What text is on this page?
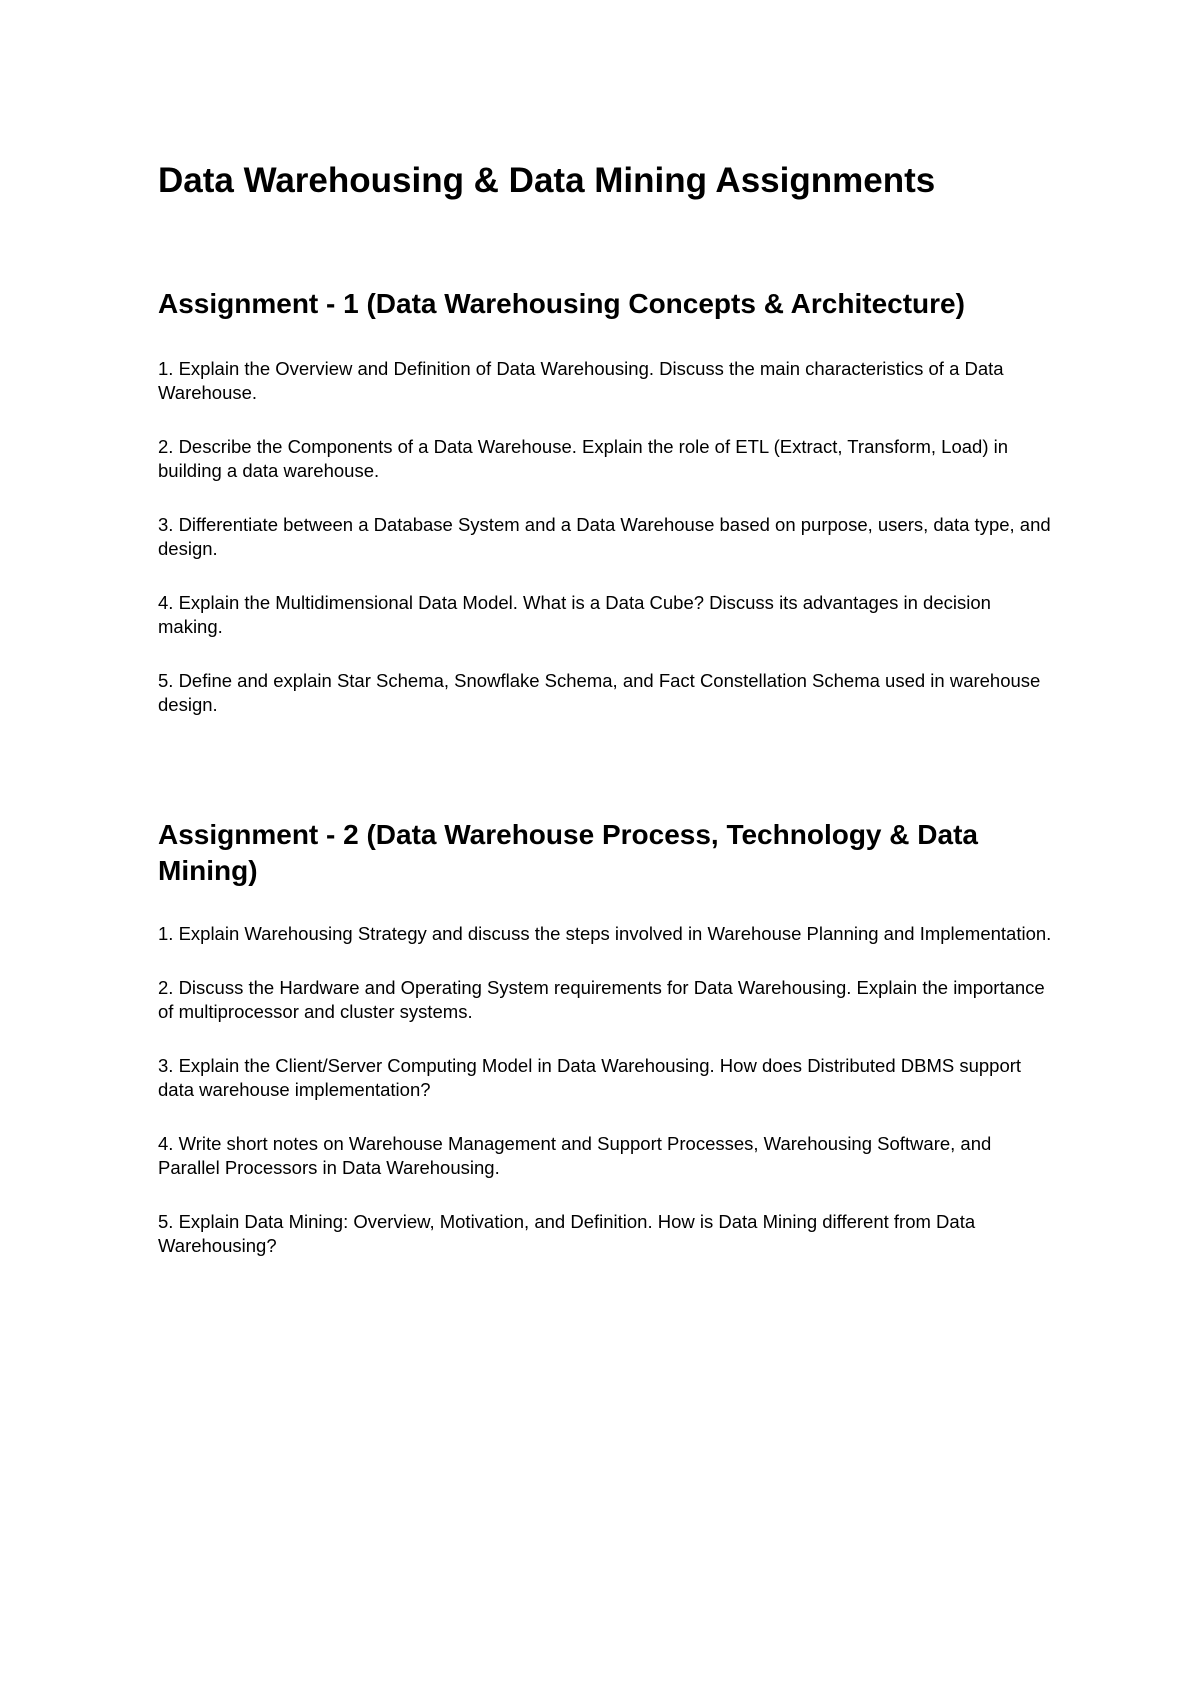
Data Warehousing & Data Mining Assignments
Assignment - 1 (Data Warehousing Concepts & Architecture)
1. Explain the Overview and Definition of Data Warehousing. Discuss the main characteristics of a Data Warehouse.
2. Describe the Components of a Data Warehouse. Explain the role of ETL (Extract, Transform, Load) in building a data warehouse.
3. Differentiate between a Database System and a Data Warehouse based on purpose, users, data type, and design.
4. Explain the Multidimensional Data Model. What is a Data Cube? Discuss its advantages in decision making.
5. Define and explain Star Schema, Snowflake Schema, and Fact Constellation Schema used in warehouse design.
Assignment - 2 (Data Warehouse Process, Technology & Data Mining)
1. Explain Warehousing Strategy and discuss the steps involved in Warehouse Planning and Implementation.
2. Discuss the Hardware and Operating System requirements for Data Warehousing. Explain the importance of multiprocessor and cluster systems.
3. Explain the Client/Server Computing Model in Data Warehousing. How does Distributed DBMS support data warehouse implementation?
4. Write short notes on Warehouse Management and Support Processes, Warehousing Software, and Parallel Processors in Data Warehousing.
5. Explain Data Mining: Overview, Motivation, and Definition. How is Data Mining different from Data Warehousing?
